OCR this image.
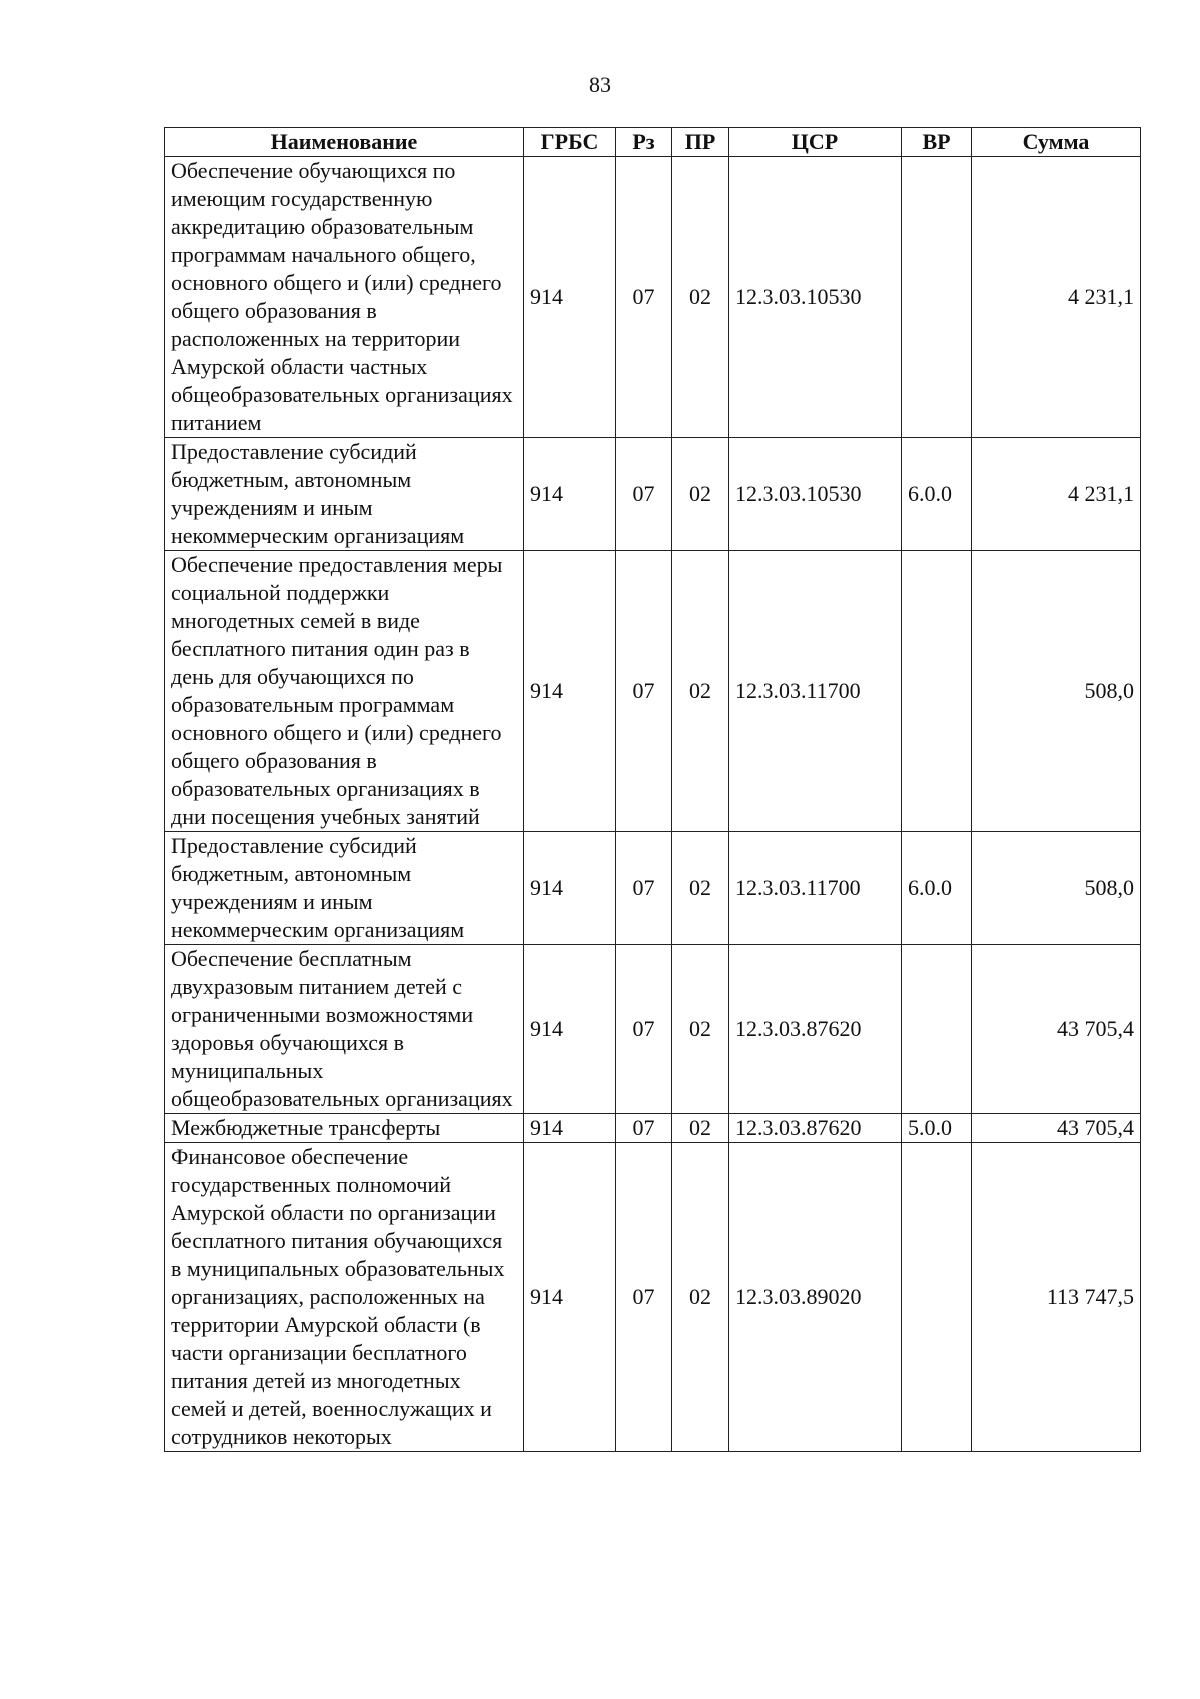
83
Наименование	ГРБС	Рз	ПР	ЦСР	ВР	Сумма
Обеспечение обучающихся по имеющим государственную аккредитацию образовательным программам начального общего, основного общего и (или) среднего общего образования в расположенных на территории Амурской области частных общеобразовательных организациях питанием	914	07	02	12.3.03.10530		4 231,1
Предоставление субсидий бюджетным, автономным учреждениям и иным некоммерческим организациям	914	07	02	12.3.03.10530	6.0.0	4 231,1
Обеспечение предоставления меры социальной поддержки многодетных семей в виде бесплатного питания один раз в день для обучающихся по образовательным программам основного общего и (или) среднего общего образования в образовательных организациях в дни посещения учебных занятий	914	07	02	12.3.03.11700		508,0
Предоставление субсидий бюджетным, автономным учреждениям и иным некоммерческим организациям	914	07	02	12.3.03.11700	6.0.0	508,0
Обеспечение бесплатным двухразовым питанием детей с ограниченными возможностями здоровья обучающихся в муниципальных общеобразовательных организациях	914	07	02	12.3.03.87620		43 705,4
Межбюджетные трансферты	914	07	02	12.3.03.87620	5.0.0	43 705,4
Финансовое обеспечение государственных полномочий Амурской области по организации бесплатного питания обучающихся в муниципальных образовательных организациях, расположенных на территории Амурской области (в части организации бесплатного питания детей из многодетных семей и детей, военнослужащих и сотрудников некоторых	914	07	02	12.3.03.89020		113 747,5
